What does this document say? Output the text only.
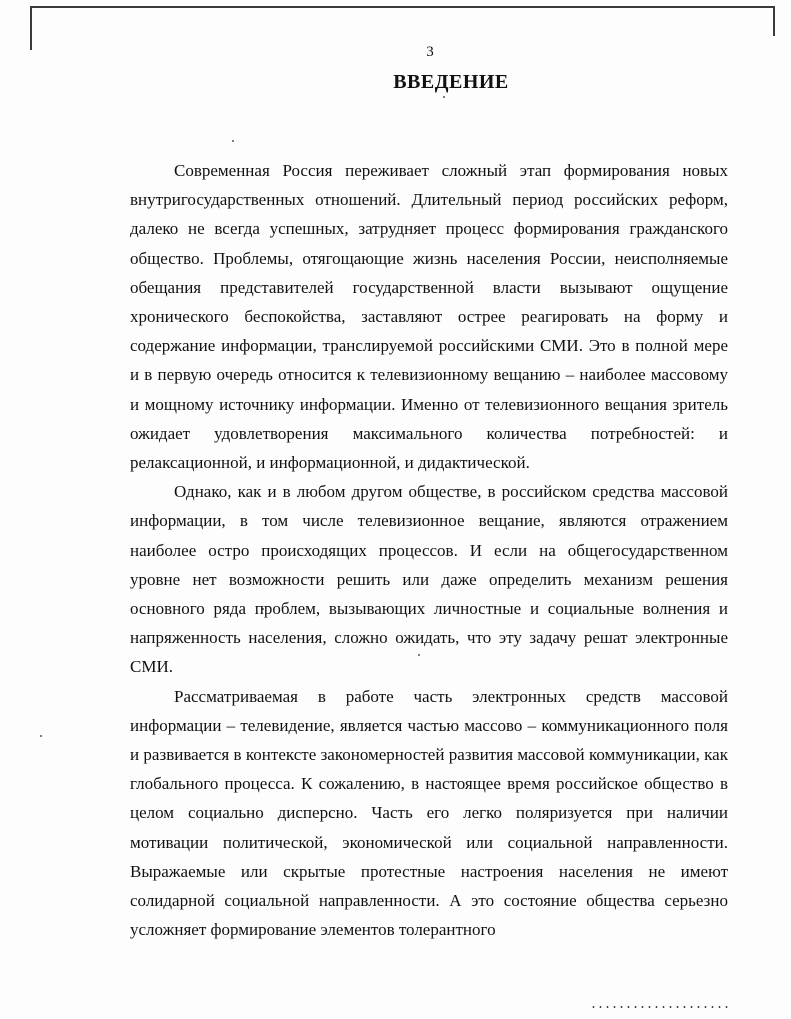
3
ВВЕДЕНИЕ

Современная Россия переживает сложный этап формирования новых внутригосударственных отношений. Длительный период российских реформ, далеко не всегда успешных, затрудняет процесс формирования гражданского общество. Проблемы, отягощающие жизнь населения России, неисполняемые обещания представителей государственной власти вызывают ощущение хронического беспокойства, заставляют острее реагировать на форму и содержание информации, транслируемой российскими СМИ. Это в полной мере и в первую очередь относится к телевизионному вещанию – наиболее массовому и мощному источнику информации. Именно от телевизионного вещания зритель ожидает удовлетворения максимального количества потребностей: и релаксационной, и информационной, и дидактической.

Однако, как и в любом другом обществе, в российском средства массовой информации, в том числе телевизионное вещание, являются отражением наиболее остро происходящих процессов. И если на общегосударственном уровне нет возможности решить или даже определить механизм решения основного ряда проблем, вызывающих личностные и социальные волнения и напряженность населения, сложно ожидать, что эту задачу решат электронные СМИ.

Рассматриваемая в работе часть электронных средств массовой информации – телевидение, является частью массово – коммуникационного поля и развивается в контексте закономерностей развития массовой коммуникации, как глобального процесса. К сожалению, в настоящее время российское общество в целом социально дисперсно. Часть его легко поляризуется при наличии мотивации политической, экономической или социальной направленности. Выражаемые или скрытые протестные настроения населения не имеют солидарной социальной направленности. А это состояние общества серьезно усложняет формирование элементов толерантного
